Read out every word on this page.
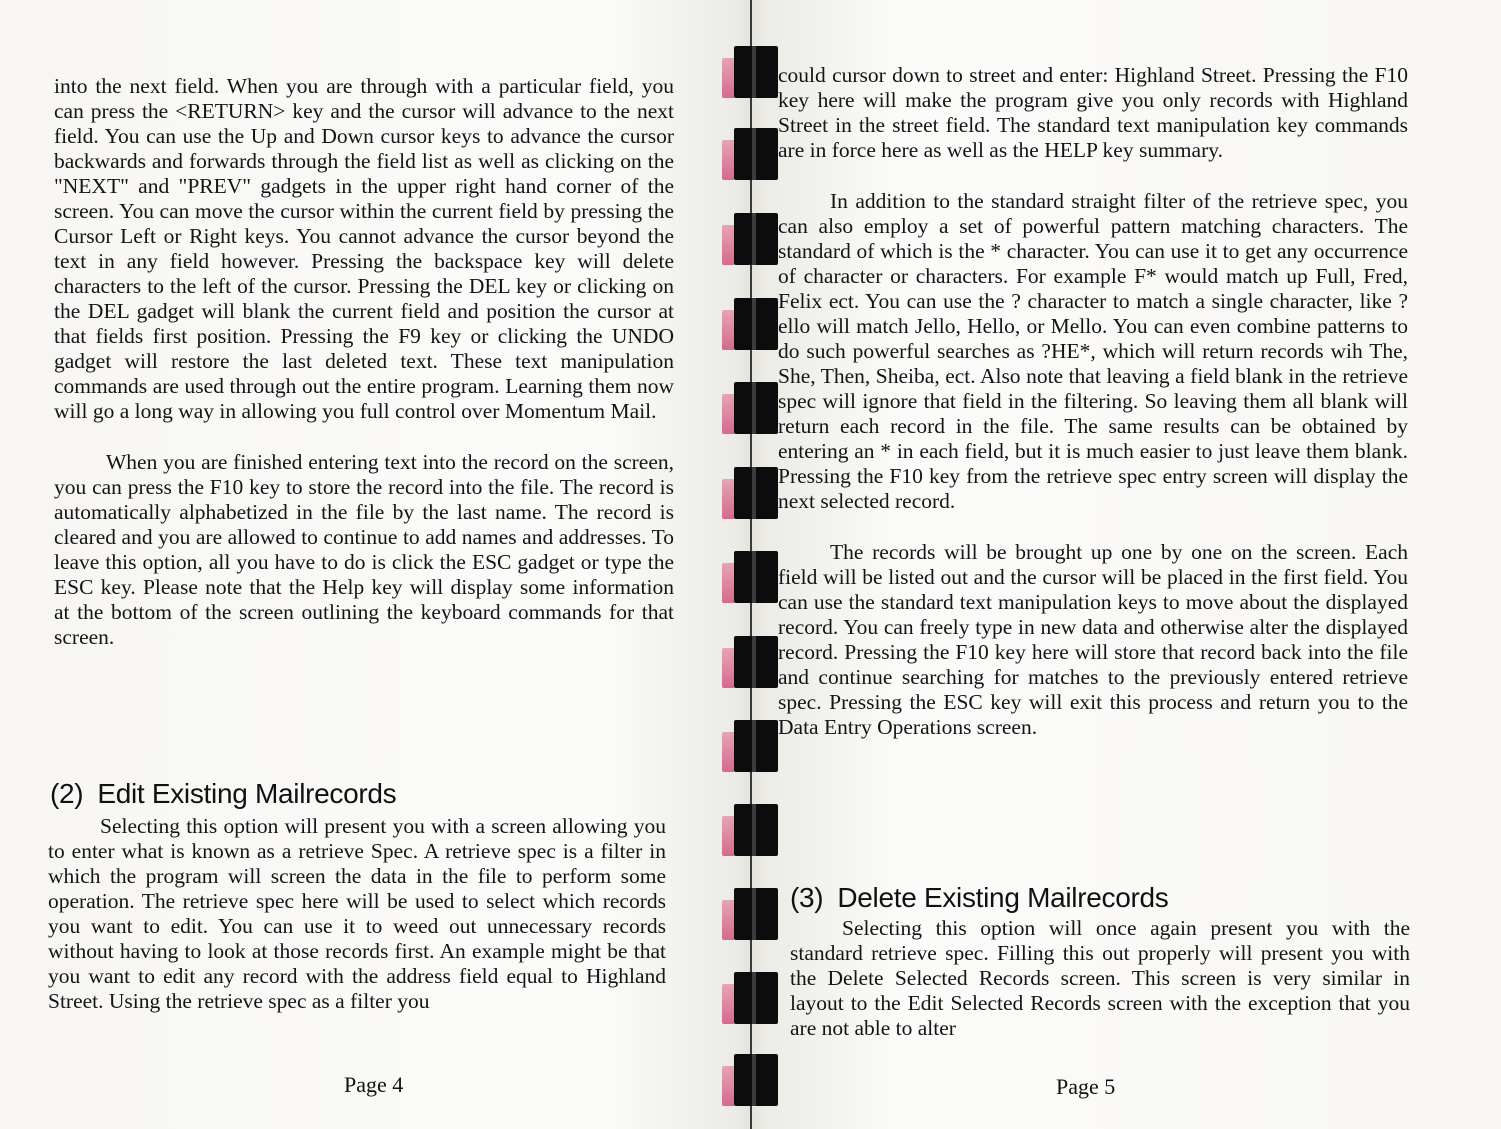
into the next field. When you are through with a particular field, you can press the <RETURN> key and the cursor will advance to the next field. You can use the Up and Down cursor keys to advance the cursor backwards and forwards through the field list as well as clicking on the "NEXT" and "PREV" gadgets in the upper right hand corner of the screen. You can move the cursor within the current field by pressing the Cursor Left or Right keys. You cannot advance the cursor beyond the text in any field however. Pressing the backspace key will delete characters to the left of the cursor. Pressing the DEL key or clicking on the DEL gadget will blank the current field and position the cursor at that fields first position. Pressing the F9 key or clicking the UNDO gadget will restore the last deleted text. These text manipulation commands are used through out the entire program. Learning them now will go a long way in allowing you full control over Momentum Mail.

When you are finished entering text into the record on the screen, you can press the F10 key to store the record into the file. The record is automatically alphabetized in the file by the last name. The record is cleared and you are allowed to continue to add names and addresses. To leave this option, all you have to do is click the ESC gadget or type the ESC key. Please note that the Help key will display some information at the bottom of the screen outlining the keyboard commands for that screen.

(2) Edit Existing Mailrecords

Selecting this option will present you with a screen allowing you to enter what is known as a retrieve Spec. A retrieve spec is a filter in which the program will screen the data in the file to perform some operation. The retrieve spec here will be used to select which records you want to edit. You can use it to weed out unnecessary records without having to look at those records first. An example might be that you want to edit any record with the address field equal to Highland Street. Using the retrieve spec as a filter you

Page 4

could cursor down to street and enter: Highland Street. Pressing the F10 key here will make the program give you only records with Highland Street in the street field. The standard text manipulation key commands are in force here as well as the HELP key summary.

In addition to the standard straight filter of the retrieve spec, you can also employ a set of powerful pattern matching characters. The standard of which is the * character. You can use it to get any occurrence of character or characters. For example F* would match up Full, Fred, Felix ect. You can use the ? character to match a single character, like ?ello will match Jello, Hello, or Mello. You can even combine patterns to do such powerful searches as ?HE*, which will return records wih The, She, Then, Sheiba, ect. Also note that leaving a field blank in the retrieve spec will ignore that field in the filtering. So leaving them all blank will return each record in the file. The same results can be obtained by entering an * in each field, but it is much easier to just leave them blank. Pressing the F10 key from the retrieve spec entry screen will display the next selected record.

The records will be brought up one by one on the screen. Each field will be listed out and the cursor will be placed in the first field. You can use the standard text manipulation keys to move about the displayed record. You can freely type in new data and otherwise alter the displayed record. Pressing the F10 key here will store that record back into the file and continue searching for matches to the previously entered retrieve spec. Pressing the ESC key will exit this process and return you to the Data Entry Operations screen.

(3) Delete Existing Mailrecords

Selecting this option will once again present you with the standard retrieve spec. Filling this out properly will present you with the Delete Selected Records screen. This screen is very similar in layout to the Edit Selected Records screen with the exception that you are not able to alter

Page 5
